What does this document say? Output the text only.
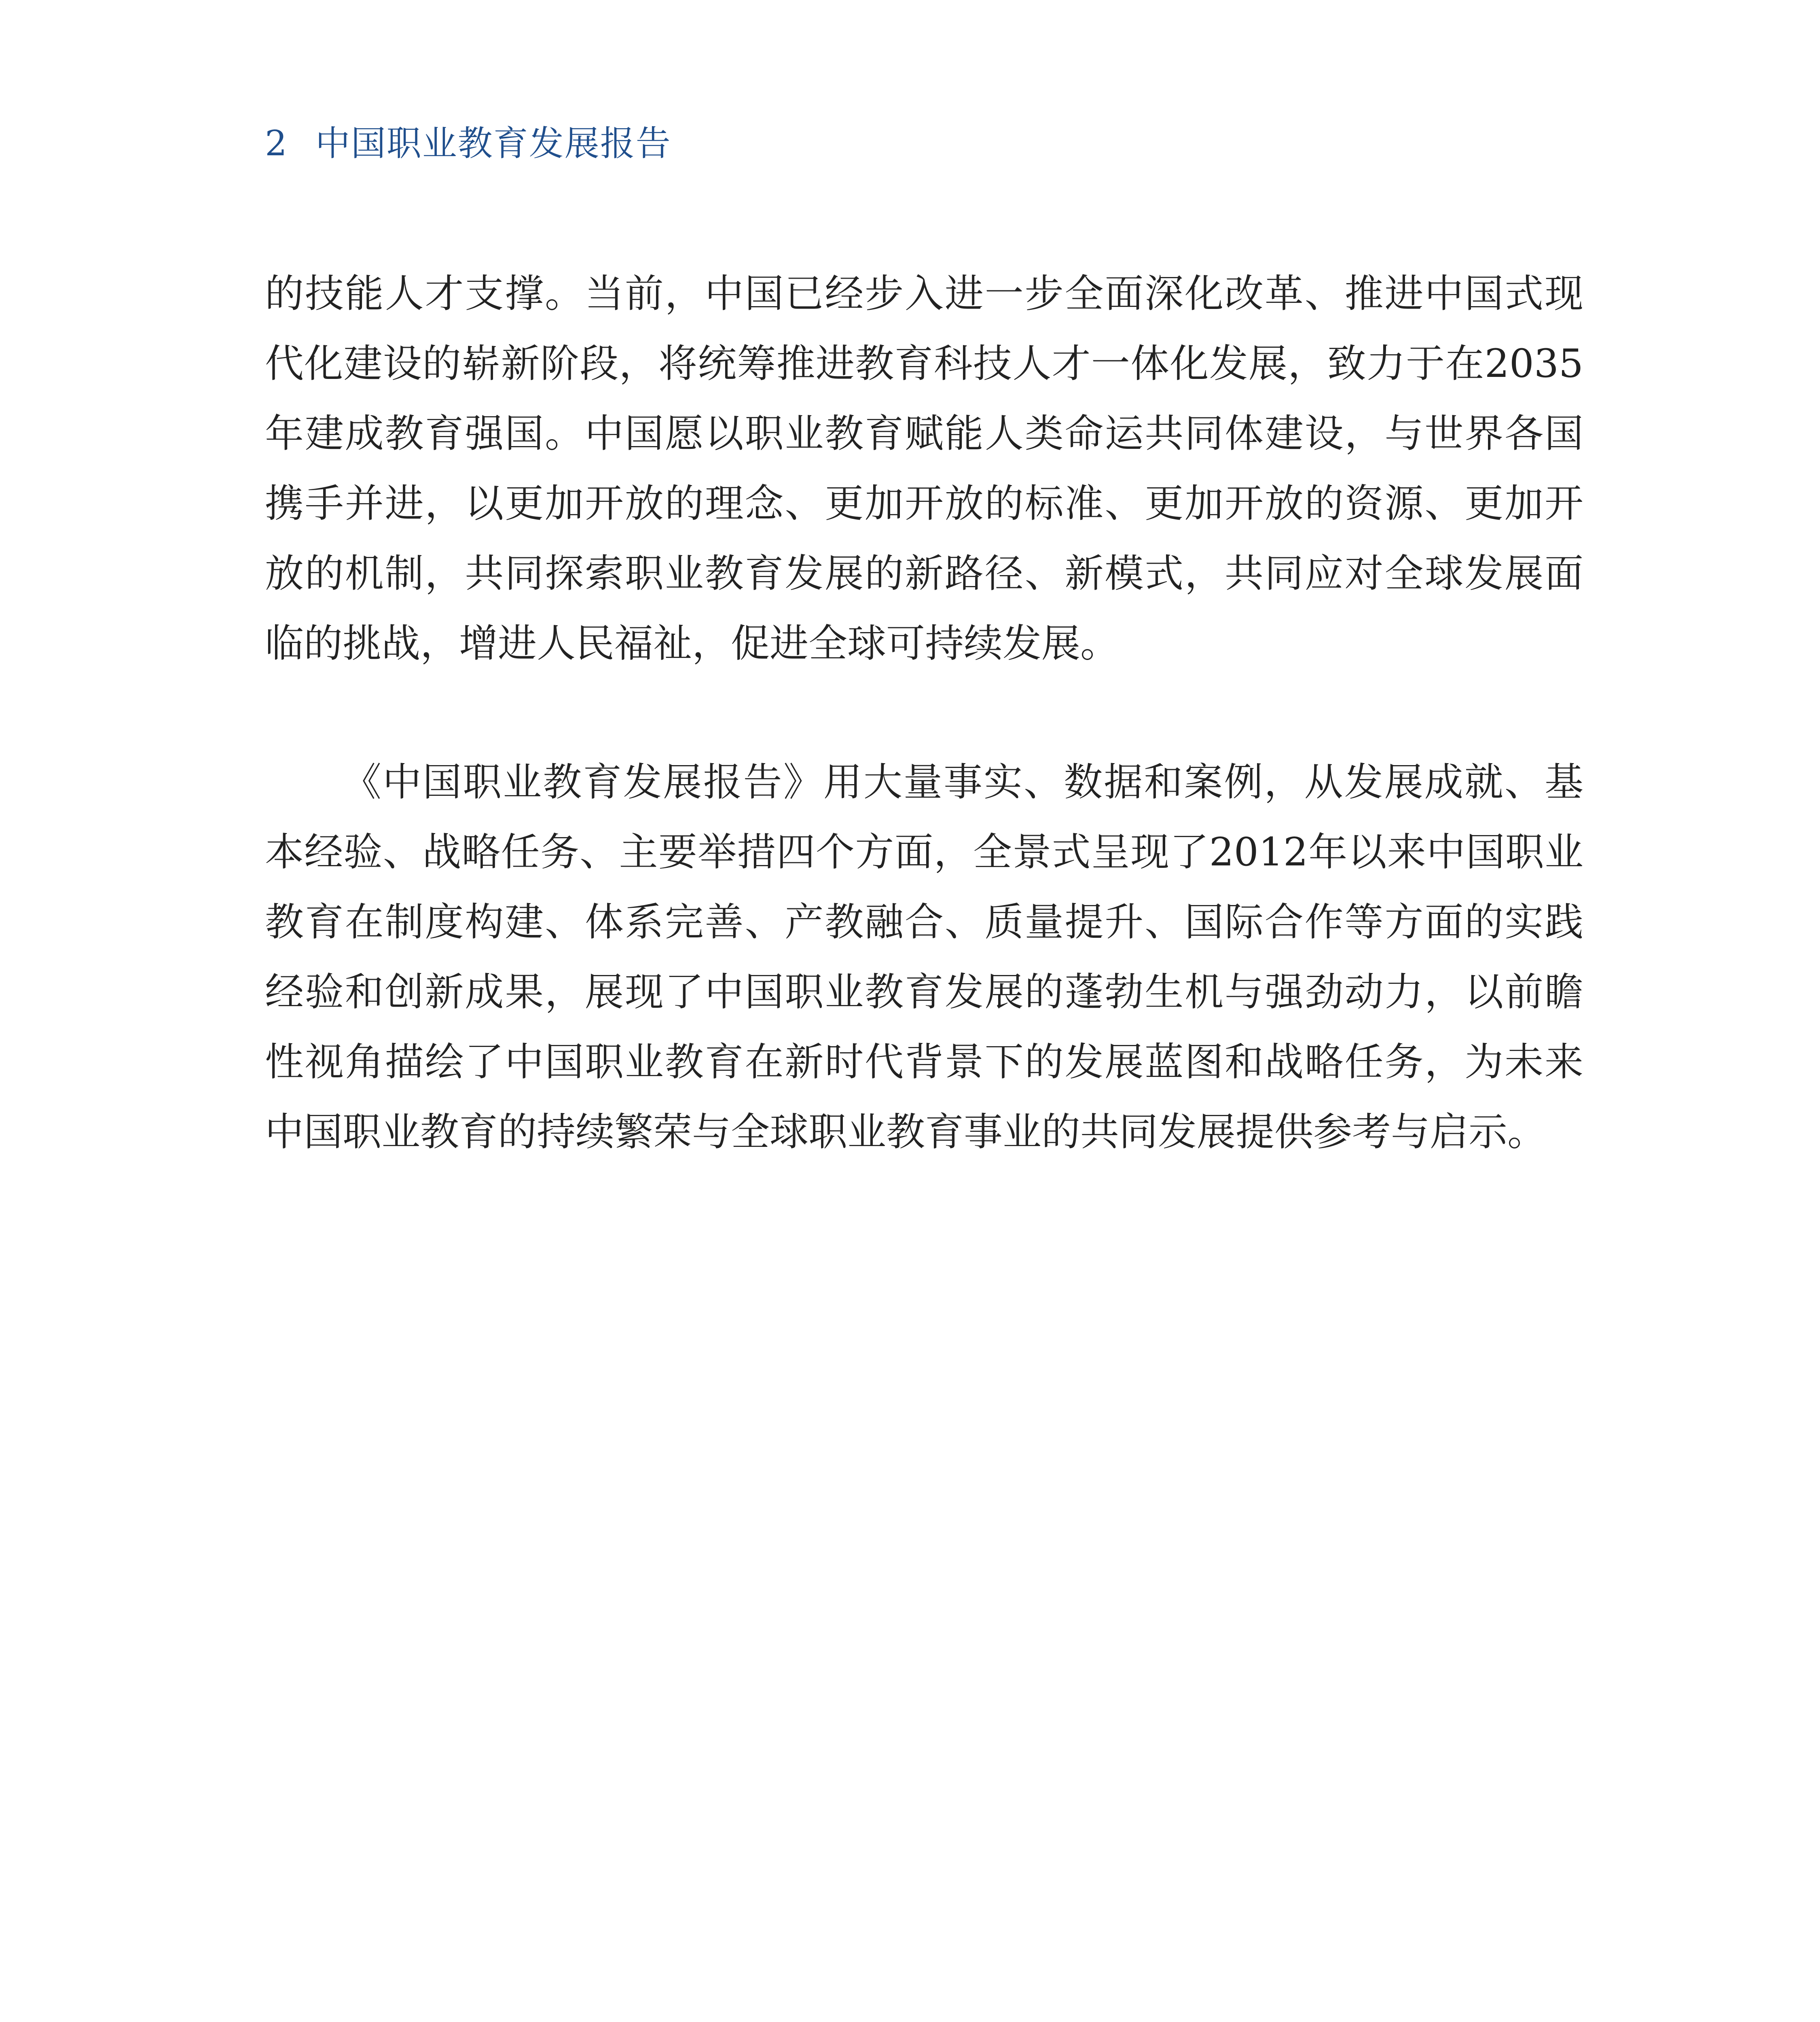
2 中国职业教育发展报告

的技能人才支撑。当前，中国已经步入进一步全面深化改革、推进中国式现代化建设的崭新阶段，将统筹推进教育科技人才一体化发展，致力于在2035年建成教育强国。中国愿以职业教育赋能人类命运共同体建设，与世界各国携手并进，以更加开放的理念、更加开放的标准、更加开放的资源、更加开放的机制，共同探索职业教育发展的新路径、新模式，共同应对全球发展面临的挑战，增进人民福祉，促进全球可持续发展。

《中国职业教育发展报告》用大量事实、数据和案例，从发展成就、基本经验、战略任务、主要举措四个方面，全景式呈现了2012年以来中国职业教育在制度构建、体系完善、产教融合、质量提升、国际合作等方面的实践经验和创新成果，展现了中国职业教育发展的蓬勃生机与强劲动力，以前瞻性视角描绘了中国职业教育在新时代背景下的发展蓝图和战略任务，为未来中国职业教育的持续繁荣与全球职业教育事业的共同发展提供参考与启示。
